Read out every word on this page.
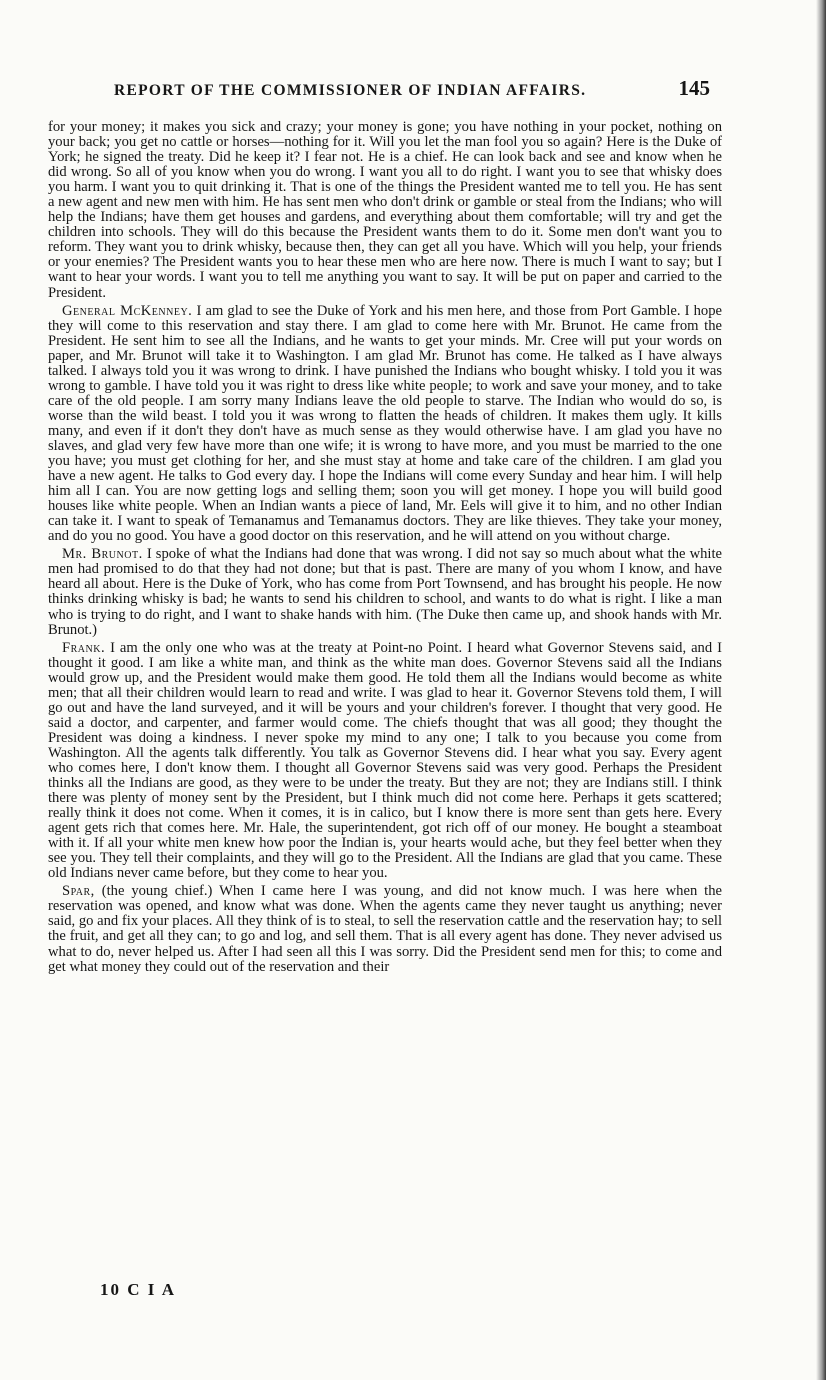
REPORT OF THE COMMISSIONER OF INDIAN AFFAIRS.	145

for your money; it makes you sick and crazy; your money is gone; you have nothing in your pocket, nothing on your back; you get no cattle or horses—nothing for it. Will you let the man fool you so again? Here is the Duke of York; he signed the treaty. Did he keep it? I fear not. He is a chief. He can look back and see and know when he did wrong. So all of you know when you do wrong. I want you all to do right. I want you to see that whisky does you harm. I want you to quit drinking it. That is one of the things the President wanted me to tell you. He has sent a new agent and new men with him. He has sent men who don't drink or gamble or steal from the Indians; who will help the Indians; have them get houses and gardens, and everything about them comfortable; will try and get the children into schools. They will do this because the President wants them to do it. Some men don't want you to reform. They want you to drink whisky, because then, they can get all you have. Which will you help, your friends or your enemies? The President wants you to hear these men who are here now. There is much I want to say; but I want to hear your words. I want you to tell me anything you want to say. It will be put on paper and carried to the President.

General McKenney. I am glad to see the Duke of York and his men here, and those from Port Gamble. I hope they will come to this reservation and stay there. I am glad to come here with Mr. Brunot. He came from the President. He sent him to see all the Indians, and he wants to get your minds. Mr. Cree will put your words on paper, and Mr. Brunot will take it to Washington. I am glad Mr. Brunot has come. He talked as I have always talked. I always told you it was wrong to drink. I have punished the Indians who bought whisky. I told you it was wrong to gamble. I have told you it was right to dress like white people; to work and save your money, and to take care of the old people. I am sorry many Indians leave the old people to starve. The Indian who would do so, is worse than the wild beast. I told you it was wrong to flatten the heads of children. It makes them ugly. It kills many, and even if it don't they don't have as much sense as they would otherwise have. I am glad you have no slaves, and glad very few have more than one wife; it is wrong to have more, and you must be married to the one you have; you must get clothing for her, and she must stay at home and take care of the children. I am glad you have a new agent. He talks to God every day. I hope the Indians will come every Sunday and hear him. I will help him all I can. You are now getting logs and selling them; soon you will get money. I hope you will build good houses like white people. When an Indian wants a piece of land, Mr. Eels will give it to him, and no other Indian can take it. I want to speak of Temanamus and Temanamus doctors. They are like thieves. They take your money, and do you no good. You have a good doctor on this reservation, and he will attend on you without charge.

Mr. Brunot. I spoke of what the Indians had done that was wrong. I did not say so much about what the white men had promised to do that they had not done; but that is past. There are many of you whom I know, and have heard all about. Here is the Duke of York, who has come from Port Townsend, and has brought his people. He now thinks drinking whisky is bad; he wants to send his children to school, and wants to do what is right. I like a man who is trying to do right, and I want to shake hands with him. (The Duke then came up, and shook hands with Mr. Brunot.)

Frank. I am the only one who was at the treaty at Point-no Point. I heard what Governor Stevens said, and I thought it good. I am like a white man, and think as the white man does. Governor Stevens said all the Indians would grow up, and the President would make them good. He told them all the Indians would become as white men; that all their children would learn to read and write. I was glad to hear it. Governor Stevens told them, I will go out and have the land surveyed, and it will be yours and your children's forever. I thought that very good. He said a doctor, and carpenter, and farmer would come. The chiefs thought that was all good; they thought the President was doing a kindness. I never spoke my mind to any one; I talk to you because you come from Washington. All the agents talk differently. You talk as Governor Stevens did. I hear what you say. Every agent who comes here, I don't know them. I thought all Governor Stevens said was very good. Perhaps the President thinks all the Indians are good, as they were to be under the treaty. But they are not; they are Indians still. I think there was plenty of money sent by the President, but I think much did not come here. Perhaps it gets scattered; really think it does not come. When it comes, it is in calico, but I know there is more sent than gets here. Every agent gets rich that comes here. Mr. Hale, the superintendent, got rich off of our money. He bought a steamboat with it. If all your white men knew how poor the Indian is, your hearts would ache, but they feel better when they see you. They tell their complaints, and they will go to the President. All the Indians are glad that you came. These old Indians never came before, but they come to hear you.

Spar, (the young chief.) When I came here I was young, and did not know much. I was here when the reservation was opened, and know what was done. When the agents came they never taught us anything; never said, go and fix your places. All they think of is to steal, to sell the reservation cattle and the reservation hay; to sell the fruit, and get all they can; to go and log, and sell them. That is all every agent has done. They never advised us what to do, never helped us. After I had seen all this I was sorry. Did the President send men for this; to come and get what money they could out of the reservation and their

10 C I A
